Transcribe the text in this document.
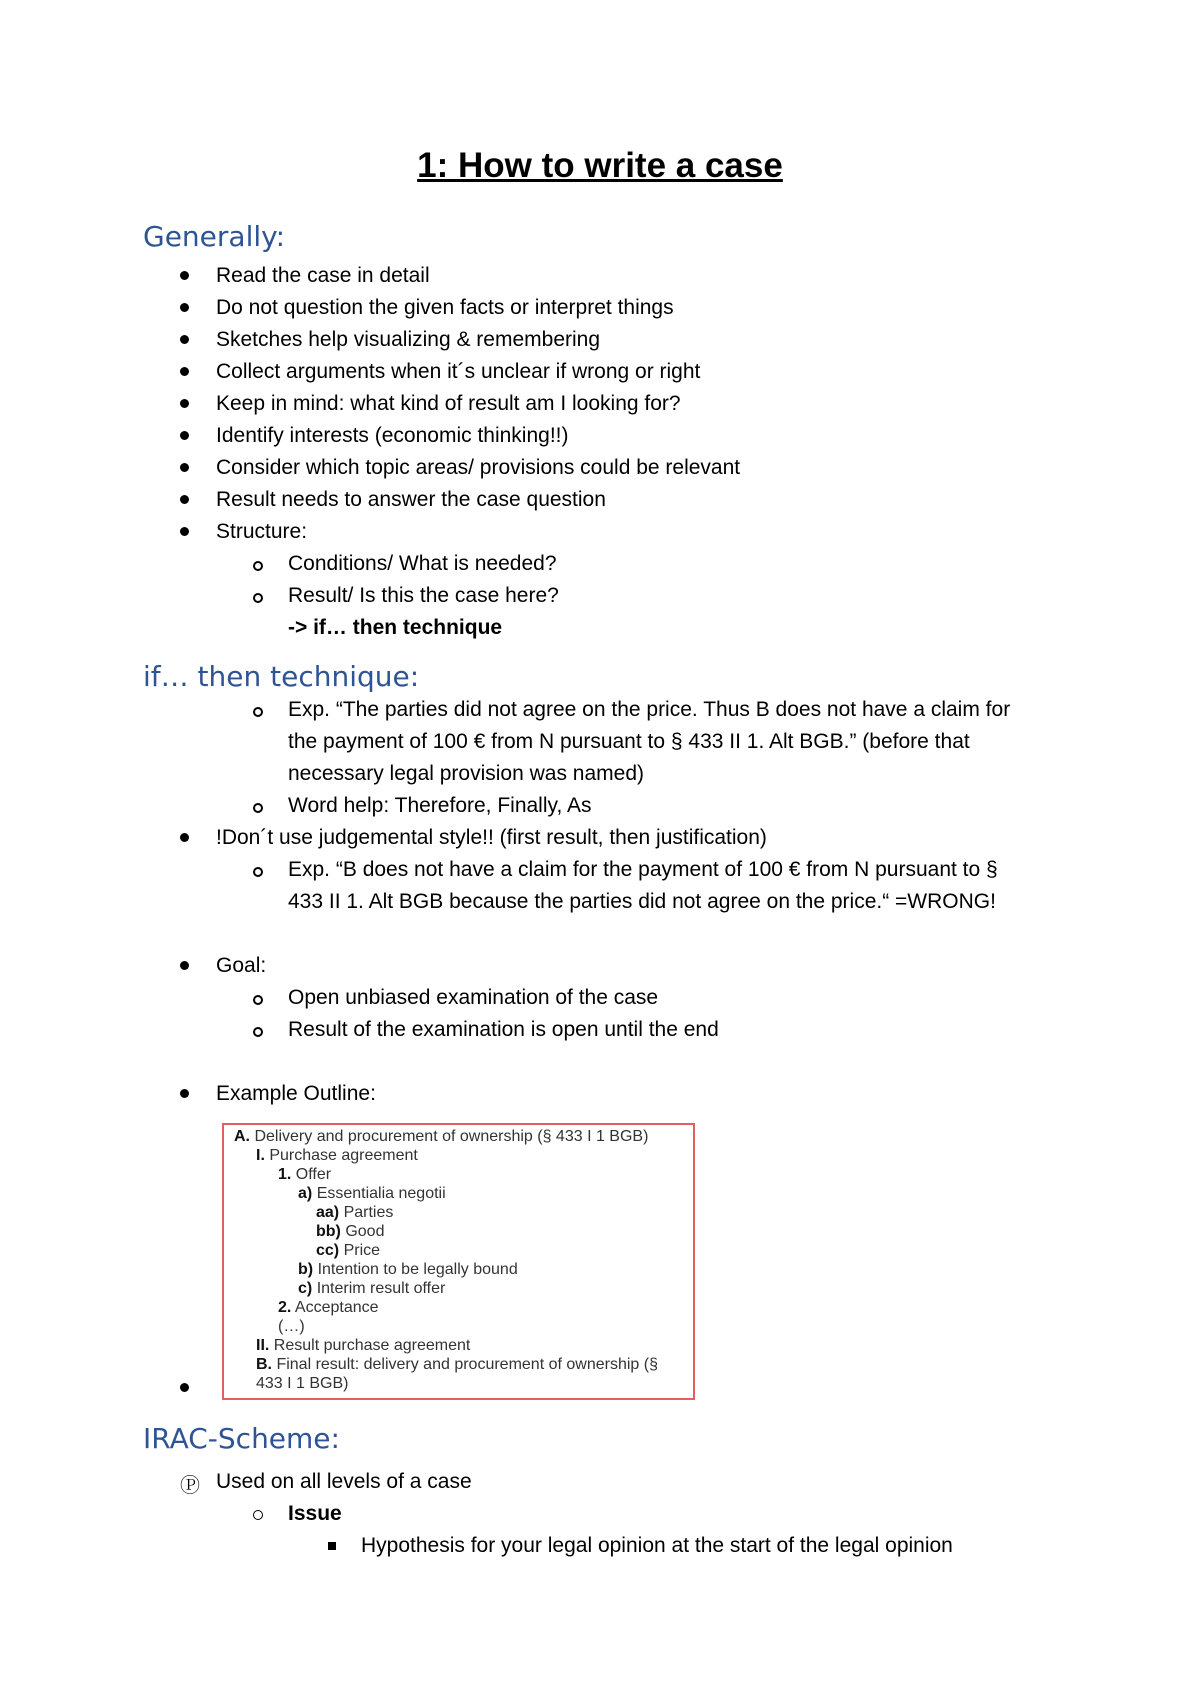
1: How to write a case
Generally:
Read the case in detail
Do not question the given facts or interpret things
Sketches help visualizing & remembering
Collect arguments when it´s unclear if wrong or right
Keep in mind: what kind of result am I looking for?
Identify interests (economic thinking!!)
Consider which topic areas/ provisions could be relevant
Result needs to answer the case question
Structure:
Conditions/ What is needed?
Result/ Is this the case here?
-> if… then technique
if… then technique:
Exp. “The parties did not agree on the price. Thus B does not have a claim for
the payment of 100 € from N pursuant to § 433 II 1. Alt BGB.” (before that
necessary legal provision was named)
Word help: Therefore, Finally, As
!Don´t use judgemental style!! (first result, then justification)
Exp. “B does not have a claim for the payment of 100 € from N pursuant to §
433 II 1. Alt BGB because the parties did not agree on the price.“ =WRONG!
Goal:
Open unbiased examination of the case
Result of the examination is open until the end
Example Outline:
A. Delivery and procurement of ownership (§ 433 I 1 BGB)
I. Purchase agreement
1. Offer
a) Essentialia negotii
aa) Parties
bb) Good
cc) Price
b) Intention to be legally bound
c) Interim result offer
2. Acceptance
(…)
II. Result purchase agreement
B. Final result: delivery and procurement of ownership (§
433 I 1 BGB)
IRAC-Scheme:
Ⓟ Used on all levels of a case
Issue
Hypothesis for your legal opinion at the start of the legal opinion
